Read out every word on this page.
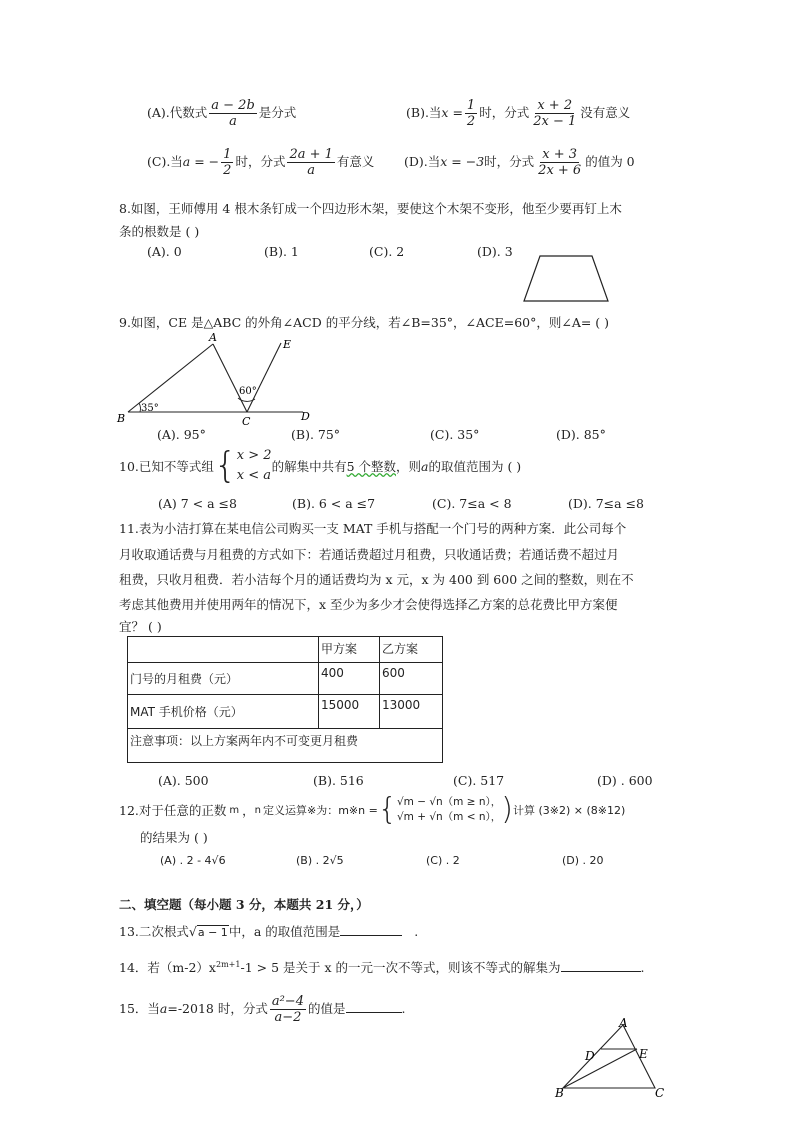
(A).代数式 $\frac{a - 2b}{a}$ 是分式	(B).当$x = \frac{1}{2}$ 时，分式 $\frac{x + 2}{2x - 1}$ 没有意义
(C).当a = − $\frac{1}{2}$ 时，分式 $\frac{2a + 1}{a}$ 有意义 (D).当x = −3时，分式 $\frac{x + 3}{2x + 6}$ 的值为 0
8.如图，王师傅用 4 根木条钉成一个四边形木架，要使这个木架不变形，他至少要再钉上木
条的根数是 ( )
(A). 0	(B). 1	(C). 2	(D). 3
9.如图，CE 是△ABC 的外角∠ACD 的平分线，若∠B=35°，∠ACE=60°，则∠A= ( )
A
B	C	D
E
60°
35°
(A). 95°	(B). 75°	(C). 35°	(D). 85°
10.已知不等式组 { x > 2
x < a
的解集中共有 5 个整数 ，则 a 的取值范围为 ( )
(A) 7 < a ≤8	(B). 6 < a ≤7	(C). 7≤a < 8	(D). 7≤a ≤8
11.表为小洁打算在某电信公司购买一支 MAT 手机与搭配一个门号的两种方案．此公司每个
月收取通话费与月租费的方式如下：若通话费超过月租费，只收通话费；若通话费不超过月
租费，只收月租费．若小洁每个月的通话费均为 x 元，x 为 400 到 600 之间的整数，则在不
考虑其他费用并使用两年的情况下，x 至少为多少才会使得选择乙方案的总花费比甲方案便
宜？ ( )
	甲方案	乙方案
门号的月租费（元）	400	600
MAT 手机价格（元）	15000	13000
注意事项：以上方案两年内不可变更月租费		
(A). 500	(B). 516	(C). 517	(D) . 600
12.对于任意的正数 m ， n 定义运算※为：m※n = { √m − √n（m ≥ n），
√m + √n（m < n）， ) 计算 (3※2) × (8※12)
的结果为 ( )
(A) . 2 - 4√6	(B) . 2√5	(C) . 2	(D) . 20
二、填空题（每小题 3 分，本题共 21 分，）
13.二次根式√a − 1中，a 的取值范围是	.
14．若$(m-2)x^{2m+1}-1 > 5$ 是关于 x 的一元一次不等式，则该不等式的解集为	.
15．当a=-2018 时，分式 $\frac{\text{a²−4}}{a-2}$ 的值是	.
A
B	C
D	E
